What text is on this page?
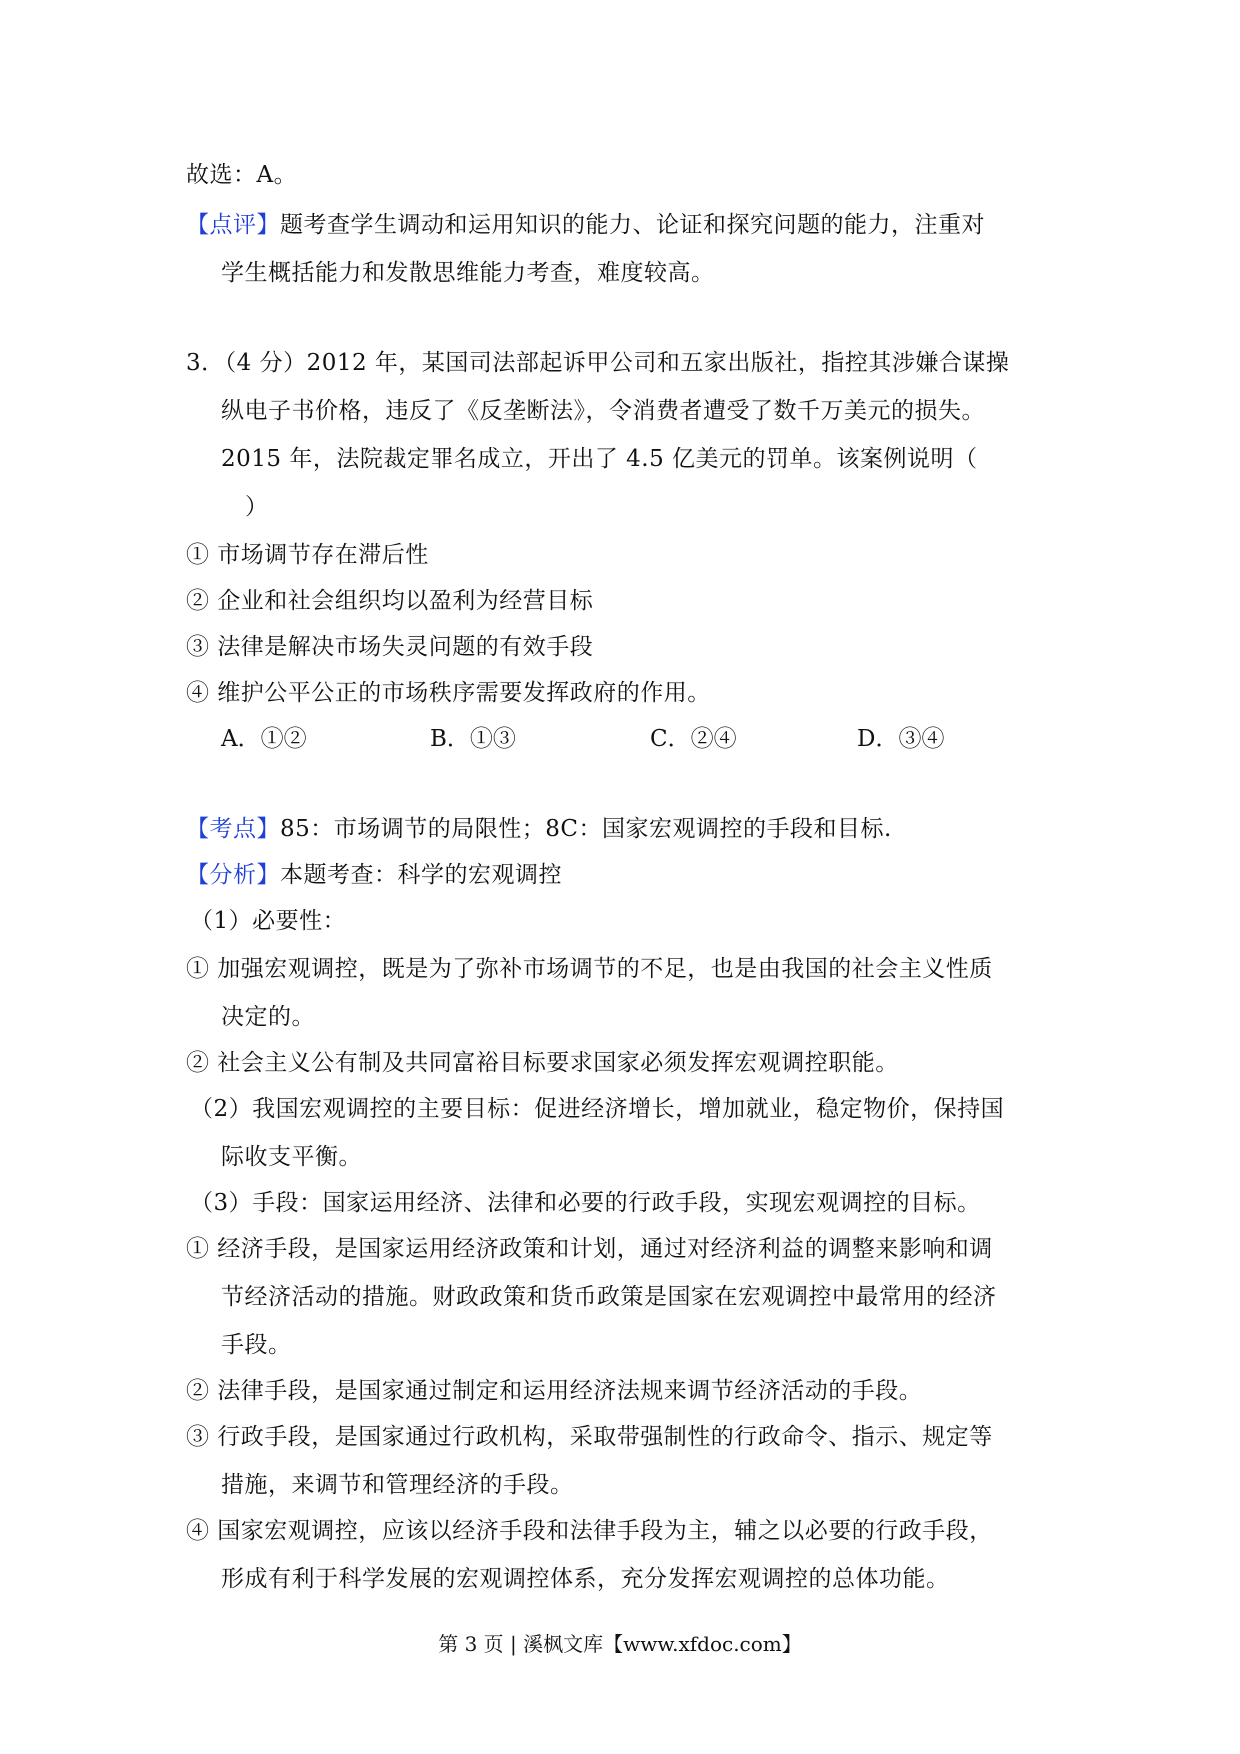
故选：A。
【点评】题考查学生调动和运用知识的能力、论证和探究问题的能力，注重对
学生概括能力和发散思维能力考查，难度较高。
3．（4 分）2012 年，某国司法部起诉甲公司和五家出版社，指控其涉嫌合谋操
纵电子书价格，违反了《反垄断法》，令消费者遭受了数千万美元的损失。
2015 年，法院裁定罪名成立，开出了 4.5 亿美元的罚单。该案例说明（
）
① 市场调节存在滞后性
② 企业和社会组织均以盈利为经营目标
③ 法律是解决市场失灵问题的有效手段
④ 维护公平公正的市场秩序需要发挥政府的作用。
A．①②	B．①③	C．②④	D．③④
【考点】85：市场调节的局限性；8C：国家宏观调控的手段和目标.
【分析】本题考查：科学的宏观调控
（1）必要性：
① 加强宏观调控，既是为了弥补市场调节的不足，也是由我国的社会主义性质
决定的。
② 社会主义公有制及共同富裕目标要求国家必须发挥宏观调控职能。
（2）我国宏观调控的主要目标：促进经济增长，增加就业，稳定物价，保持国
际收支平衡。
（3）手段：国家运用经济、法律和必要的行政手段，实现宏观调控的目标。
① 经济手段，是国家运用经济政策和计划，通过对经济利益的调整来影响和调
节经济活动的措施。财政政策和货币政策是国家在宏观调控中最常用的经济
手段。
② 法律手段，是国家通过制定和运用经济法规来调节经济活动的手段。
③ 行政手段，是国家通过行政机构，采取带强制性的行政命令、指示、规定等
措施，来调节和管理经济的手段。
④ 国家宏观调控，应该以经济手段和法律手段为主，辅之以必要的行政手段，
形成有利于科学发展的宏观调控体系，充分发挥宏观调控的总体功能。
第 3 页 | 溪枫文库【www.xfdoc.com】
